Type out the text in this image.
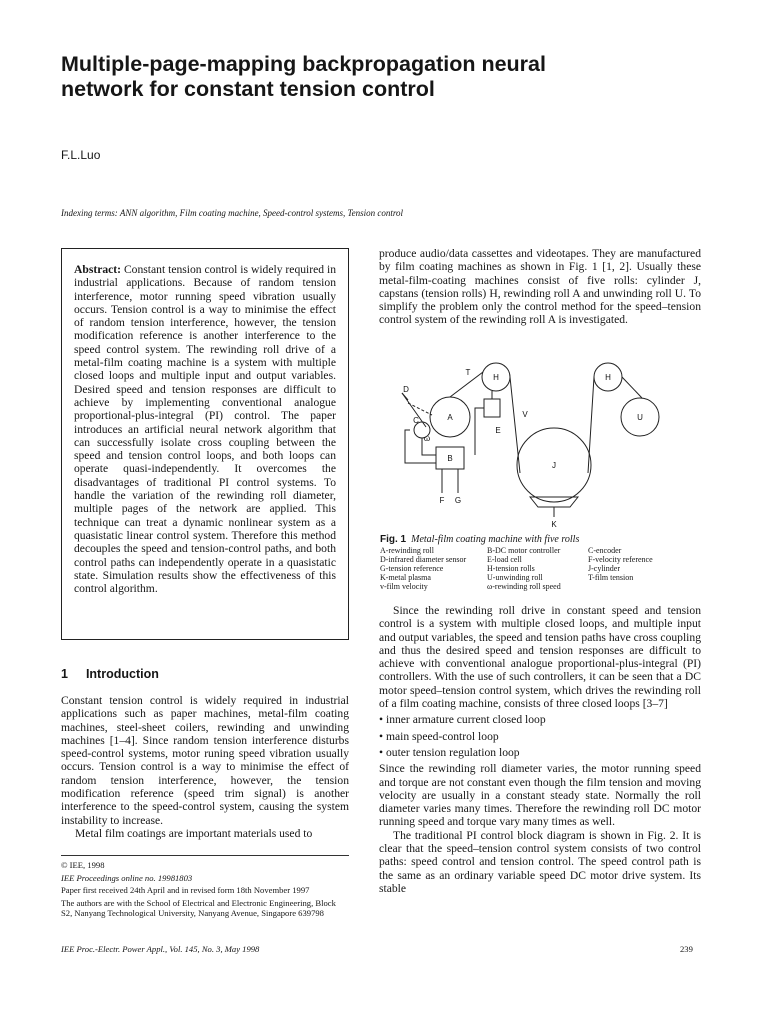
Multiple-page-mapping backpropagation neural
network for constant tension control
F.L.Luo
Indexing terms: ANN algorithm, Film coating machine, Speed-control systems, Tension control
Abstract: Constant tension control is widely required in industrial applications. Because of random tension interference, motor running speed vibration usually occurs. Tension control is a way to minimise the effect of random tension interference, however, the tension modification reference is another interference to the speed control system. The rewinding roll drive of a metal-film coating machine is a system with multiple closed loops and multiple input and output variables. Desired speed and tension responses are difficult to achieve by implementing conventional analogue proportional-plus-integral (PI) control. The paper introduces an artificial neural network algorithm that can successfully isolate cross coupling between the speed and tension control loops, and both loops can operate quasi-independently. It overcomes the disadvantages of traditional PI control systems. To handle the variation of the rewinding roll diameter, multiple pages of the network are applied. This technique can treat a dynamic nonlinear system as a quasistatic linear control system. Therefore this method decouples the speed and tension-control paths, and both control paths can independently operate in a quasistatic state. Simulation results show the effectiveness of this control algorithm.
1 Introduction

Constant tension control is widely required in industrial applications such as paper machines, metal-film coating machines, steel-sheet coilers, rewinding and unwinding machines [1–4]. Since random tension interference disturbs speed-control systems, motor runing speed vibration usually occurs. Tension control is a way to minimise the effect of random tension interference, however, the tension modification reference (speed trim signal) is another interference to the speed-control system, causing the system instability to increase.

Metal film coatings are important materials used to

© IEE, 1998

IEE Proceedings online no. 19981803

Paper first received 24th April and in revised form 18th November 1997

The authors are with the School of Electrical and Electronic Engineering, Block S2, Nanyang Technological University, Nanyang Avenue, Singapore 639798

IEE Proc.-Electr. Power Appl., Vol. 145, No. 3, May 1998	239

produce audio/data cassettes and videotapes. They are manufactured by film coating machines as shown in Fig. 1 [1, 2]. Usually these metal-film-coating machines consist of five rolls: cylinder J, capstans (tension rolls) H, rewinding roll A and unwinding roll U. To simplify the problem only the control method for the speed–tension control system of the rewinding roll A is investigated.

T
H	H
D
A
C
ω
V
E
U
J
B
F G
K
Fig. 1 Metal-film coating machine with five rolls
A-rewinding roll	B-DC motor controller	C-encoder
D-infrared diameter sensor	E-load cell	F-velocity reference
G-tension reference	H-tension rolls	J-cylinder
K-metal plasma	U-unwinding roll	T-film tension
v-film velocity	ω-rewinding roll speed

Since the rewinding roll drive in constant speed and tension control is a system with multiple closed loops, and multiple input and output variables, the speed and tension paths have cross coupling and thus the desired speed and tension responses are difficult to achieve with conventional analogue proportional-plus-integral (PI) controllers. With the use of such controllers, it can be seen that a DC motor speed–tension control system, which drives the rewinding roll of a film coating machine, consists of three closed loops [3–7]

• inner armature current closed loop
• main speed-control loop
• outer tension regulation loop

Since the rewinding roll diameter varies, the motor running speed and torque are not constant even though the film tension and moving velocity are usually in a constant steady state. Normally the roll diameter varies many times. Therefore the rewinding roll DC motor running speed and torque vary many times as well.

The traditional PI control block diagram is shown in Fig. 2. It is clear that the speed–tension control system consists of two control paths: speed control and tension control. The speed control path is the same as an ordinary variable speed DC motor drive system. Its stable
